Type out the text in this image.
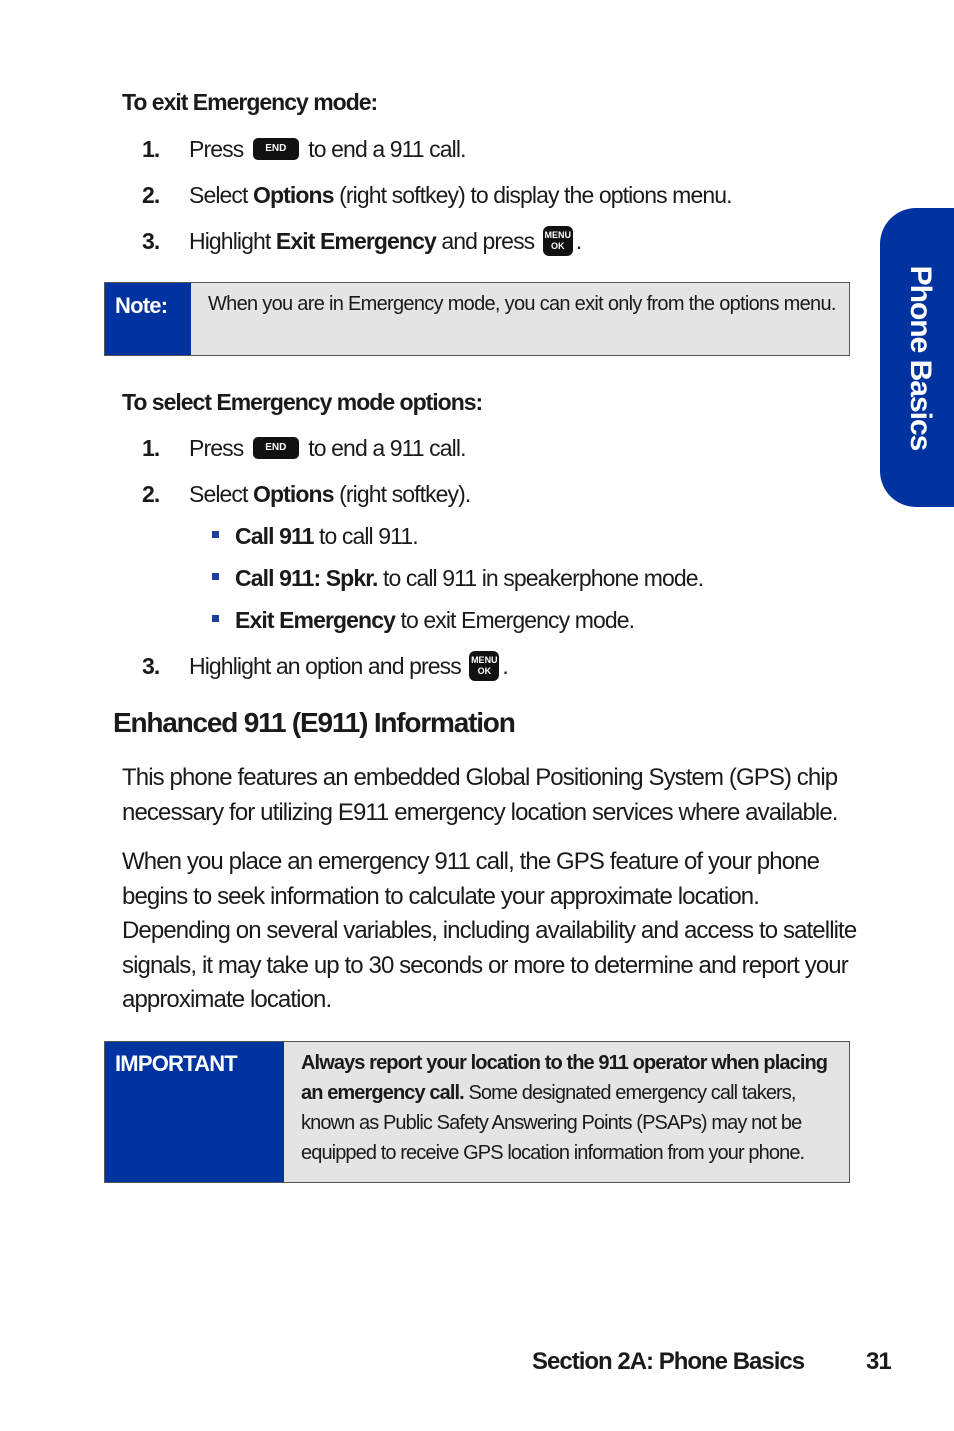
To exit Emergency mode:
1. Press END to end a 911 call.
2. Select Options (right softkey) to display the options menu.
3. Highlight Exit Emergency and press MENU
OK .
Note:	When you are in Emergency mode, you can exit only from the options menu.
To select Emergency mode options:
1. Press END to end a 911 call.
2. Select Options (right softkey).
Call 911 to call 911.
Call 911: Spkr. to call 911 in speakerphone mode.
Exit Emergency to exit Emergency mode.
3. Highlight an option and press MENU
OK .
Enhanced 911 (E911) Information
This phone features an embedded Global Positioning System (GPS) chip necessary for utilizing E911 emergency location services where available.
When you place an emergency 911 call, the GPS feature of your phone begins to seek information to calculate your approximate location. Depending on several variables, including availability and access to satellite signals, it may take up to 30 seconds or more to determine and report your approximate location.
IMPORTANT	Always report your location to the 911 operator when placing an emergency call. Some designated emergency call takers, known as Public Safety Answering Points (PSAPs) may not be equipped to receive GPS location information from your phone.
Phone Basics
Section 2A: Phone Basics	31
